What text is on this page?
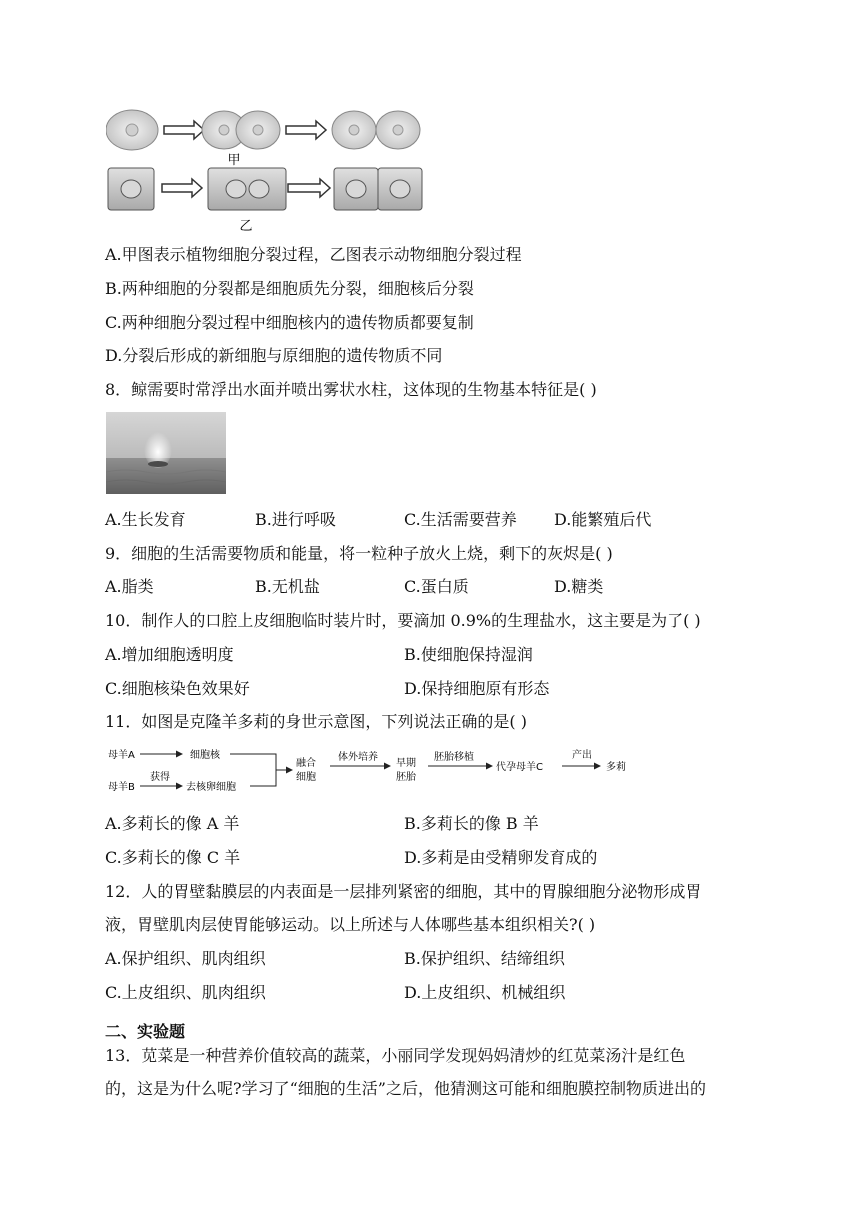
甲
乙
A.甲图表示植物细胞分裂过程，乙图表示动物细胞分裂过程
B.两种细胞的分裂都是细胞质先分裂，细胞核后分裂
C.两种细胞分裂过程中细胞核内的遗传物质都要复制
D.分裂后形成的新细胞与原细胞的遗传物质不同
8．鲸需要时常浮出水面并喷出雾状水柱，这体现的生物基本特征是( )
A.生长发育	B.进行呼吸	C.生活需要营养 D.能繁殖后代
9．细胞的生活需要物质和能量，将一粒种子放火上烧，剩下的灰烬是( )
A.脂类	B.无机盐	C.蛋白质	D.糖类
10．制作人的口腔上皮细胞临时装片时，要滴加 0.9%的生理盐水，这主要是为了( )
A.增加细胞透明度	B.使细胞保持湿润
C.细胞核染色效果好	D.保持细胞原有形态
11．如图是克隆羊多莉的身世示意图，下列说法正确的是( )
母羊A	细胞核
母羊B
获得
去核卵细胞
融合
细胞
体外培养
早期
胚胎
胚胎移植
代孕母羊C
产出
多莉
A.多莉长的像 A 羊	B.多莉长的像 B 羊
C.多莉长的像 C 羊	D.多莉是由受精卵发育成的
12．人的胃壁黏膜层的内表面是一层排列紧密的细胞，其中的胃腺细胞分泌物形成胃
液，胃壁肌肉层使胃能够运动。以上所述与人体哪些基本组织相关?( )
A.保护组织、肌肉组织	B.保护组织、结缔组织
C.上皮组织、肌肉组织	D.上皮组织、机械组织
二、实验题
13．苋菜是一种营养价值较高的蔬菜，小丽同学发现妈妈清炒的红苋菜汤汁是红色
的，这是为什么呢?学习了“细胞的生活”之后，他猜测这可能和细胞膜控制物质进出的
